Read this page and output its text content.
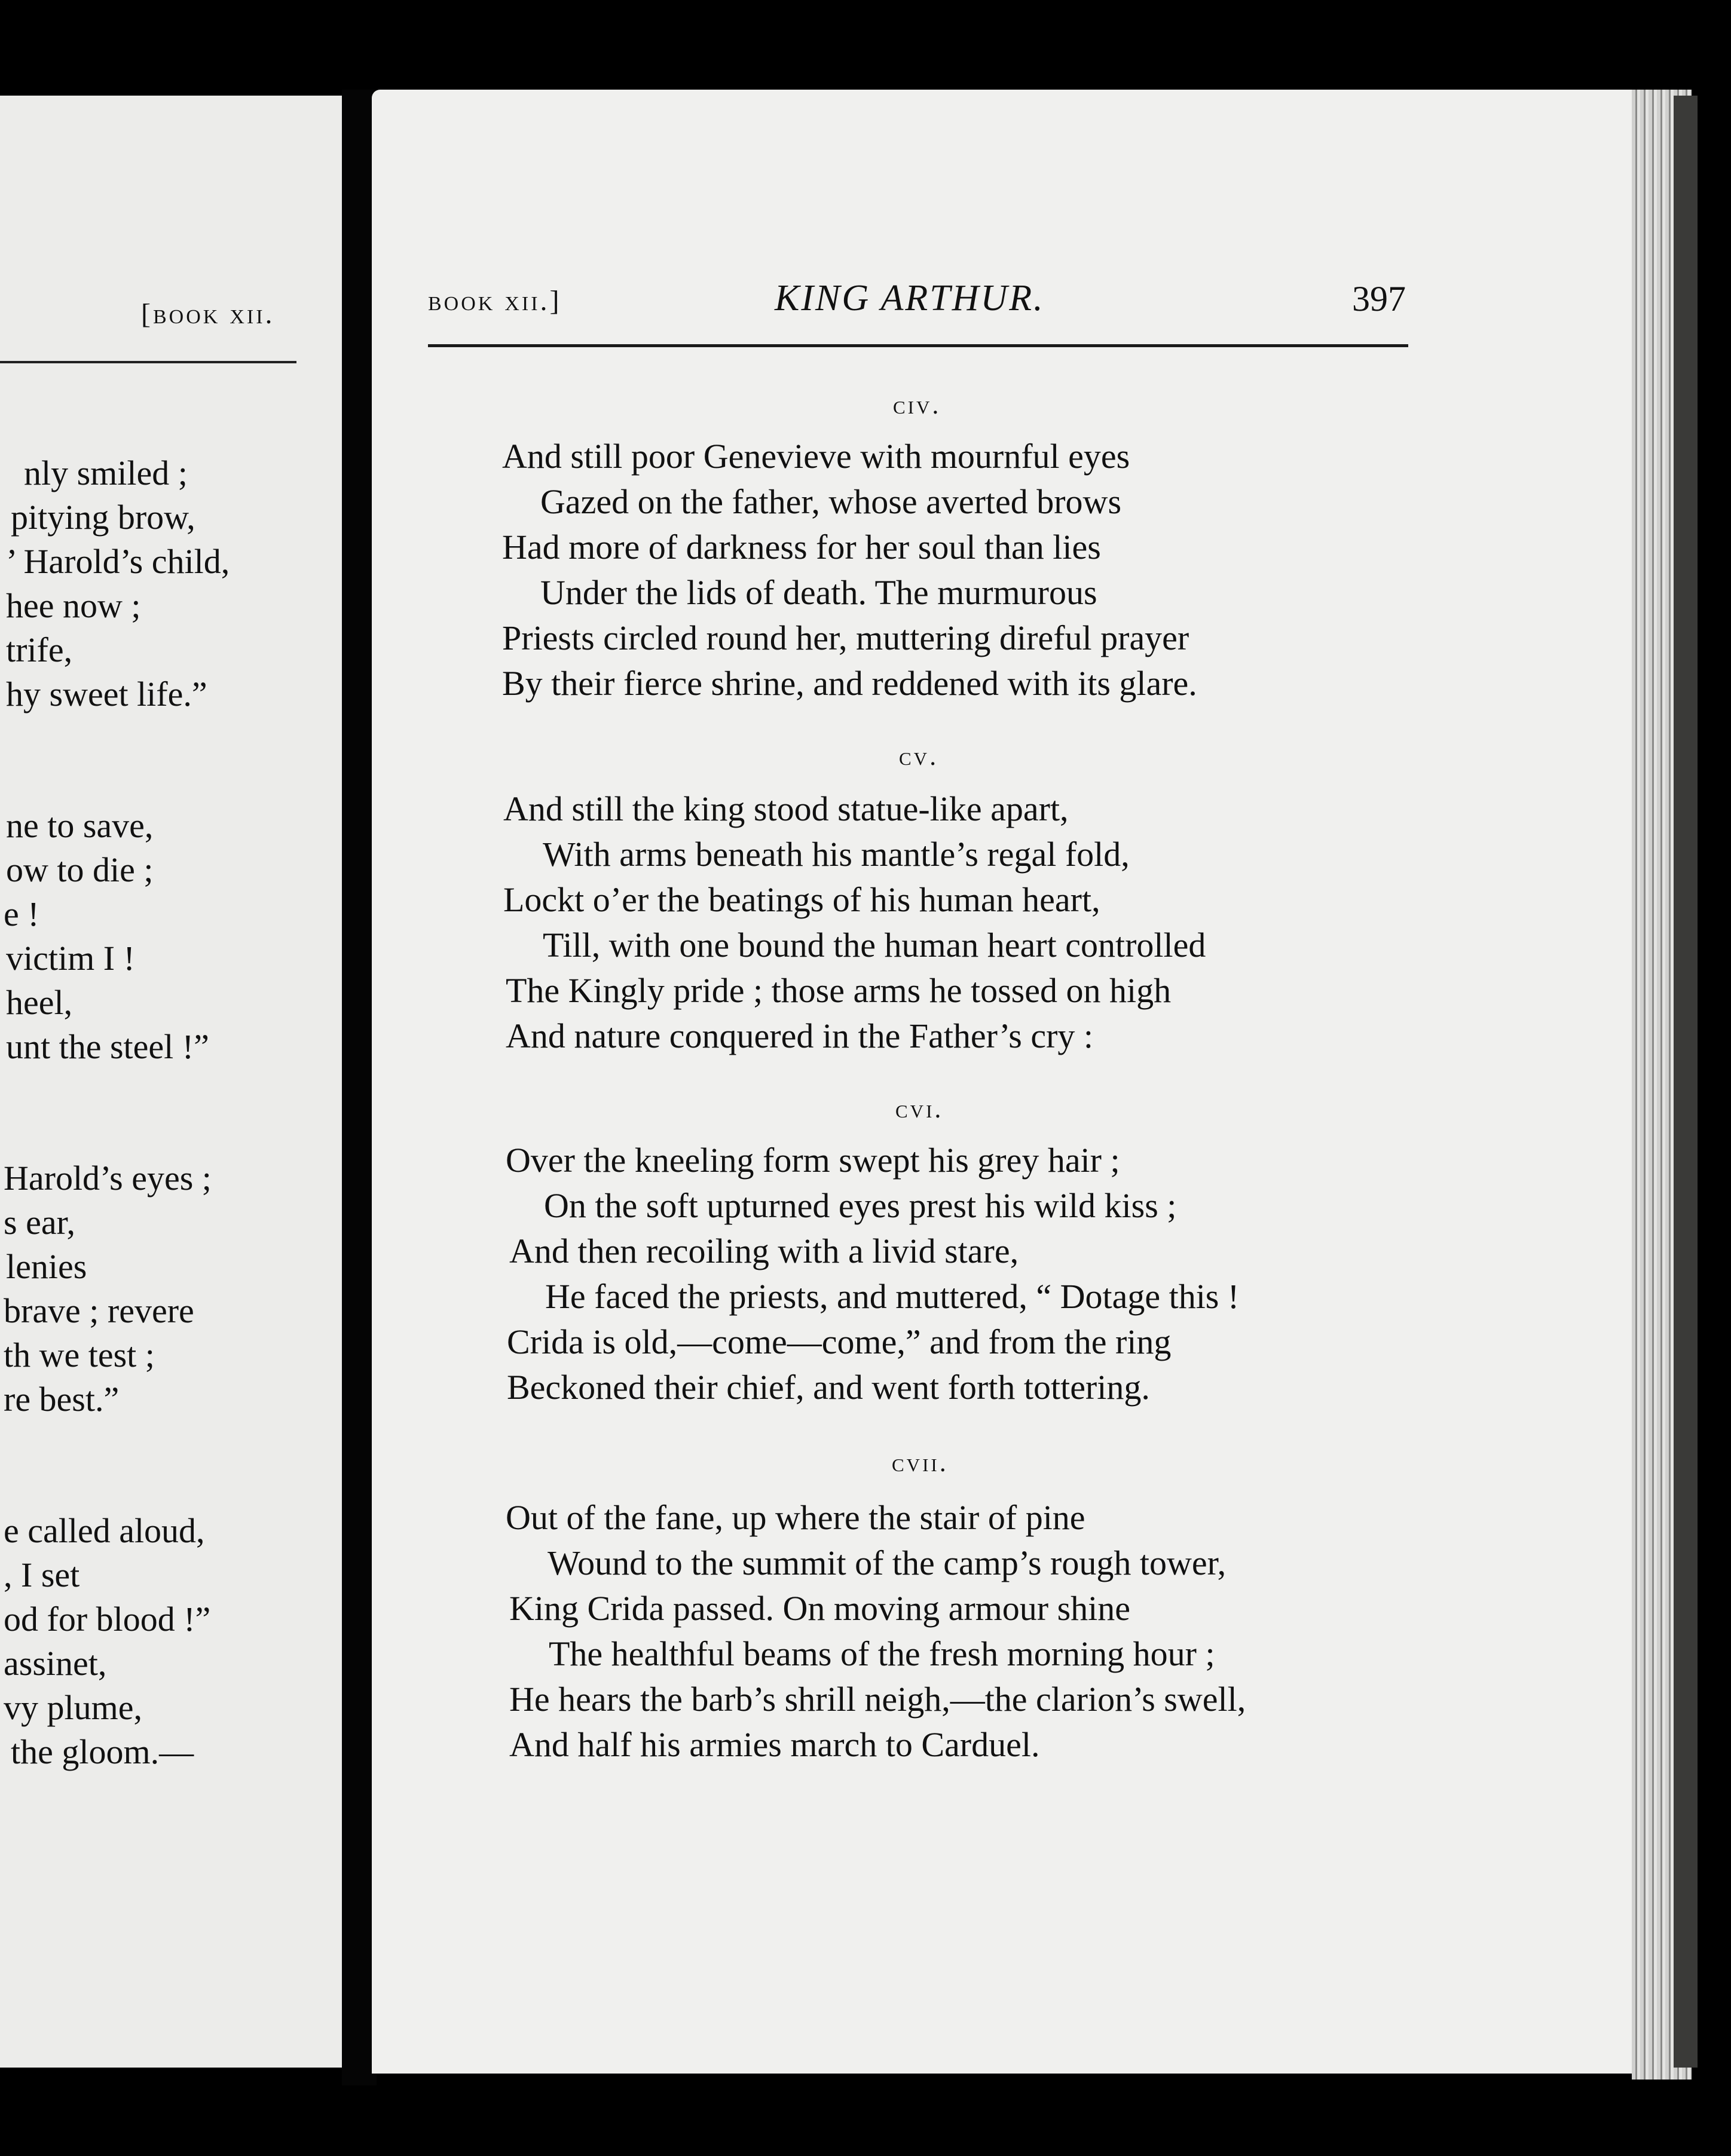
[book xii.
nly smiled ;
pitying brow,
’ Harold’s child,
hee now ;
trife,
hy sweet life.”
ne to save,
ow to die ;
e !
victim I !
heel,
unt the steel !”
Harold’s eyes ;
s ear,
lenies
brave ; revere
th we test ;
re best.”
e called aloud,
, I set
od for blood !”
assinet,
vy plume,
the gloom.—
book xii.]	KING ARTHUR.	397
civ.
And still poor Genevieve with mournful eyes
Gazed on the father, whose averted brows
Had more of darkness for her soul than lies
Under the lids of death. The murmurous
Priests circled round her, muttering direful prayer
By their fierce shrine, and reddened with its glare.
cv.
And still the king stood statue-like apart,
With arms beneath his mantle’s regal fold,
Lockt o’er the beatings of his human heart,
Till, with one bound the human heart controlled
The Kingly pride ; those arms he tossed on high
And nature conquered in the Father’s cry :
cvi.
Over the kneeling form swept his grey hair ;
On the soft upturned eyes prest his wild kiss ;
And then recoiling with a livid stare,
He faced the priests, and muttered, “ Dotage this !
Crida is old,—come—come,” and from the ring
Beckoned their chief, and went forth tottering.
cvii.
Out of the fane, up where the stair of pine
Wound to the summit of the camp’s rough tower,
King Crida passed. On moving armour shine
The healthful beams of the fresh morning hour ;
He hears the barb’s shrill neigh,—the clarion’s swell,
And half his armies march to Carduel.
